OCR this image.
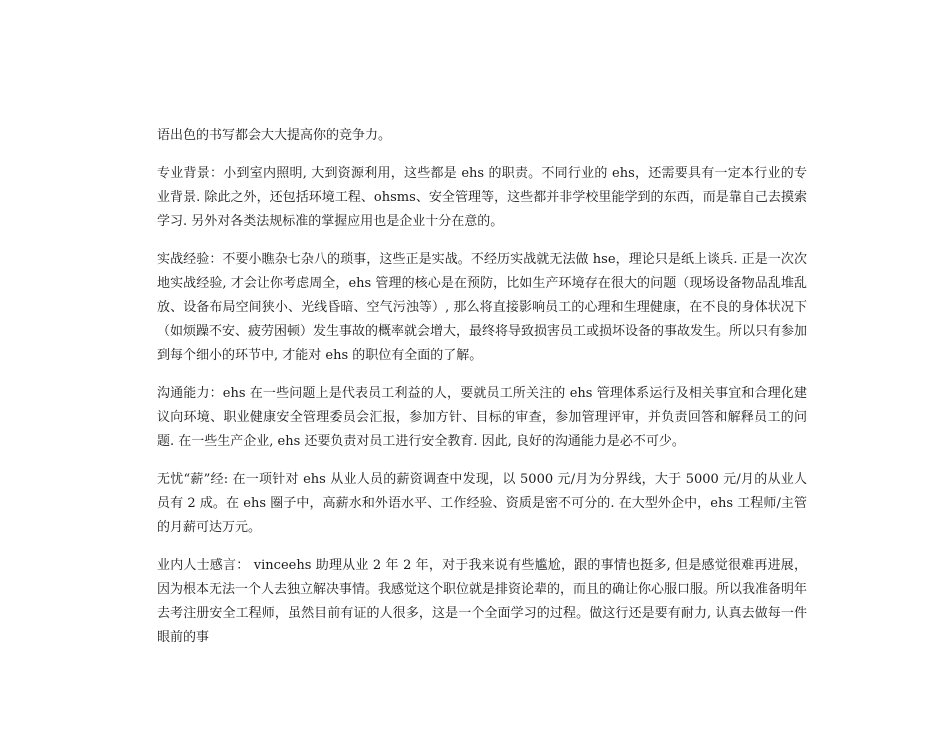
语出色的书写都会大大提高你的竞争力。

专业背景：小到室内照明, 大到资源利用，这些都是 ehs 的职责。不同行业的 ehs，还需要具有一定本行业的专业背景. 除此之外，还包括环境工程、ohsms、安全管理等，这些都并非学校里能学到的东西，而是靠自己去摸索学习. 另外对各类法规标准的掌握应用也是企业十分在意的。

实战经验：不要小瞧杂七杂八的琐事，这些正是实战。不经历实战就无法做 hse，理论只是纸上谈兵. 正是一次次地实战经验, 才会让你考虑周全，ehs 管理的核心是在预防，比如生产环境存在很大的问题（现场设备物品乱堆乱放、设备布局空间狭小、光线昏暗、空气污浊等）, 那么将直接影响员工的心理和生理健康，在不良的身体状况下（如烦躁不安、疲劳困顿）发生事故的概率就会增大，最终将导致损害员工或损坏设备的事故发生。所以只有参加到每个细小的环节中, 才能对 ehs 的职位有全面的了解。

沟通能力：ehs 在一些问题上是代表员工利益的人，要就员工所关注的 ehs 管理体系运行及相关事宜和合理化建议向环境、职业健康安全管理委员会汇报，参加方针、目标的审查，参加管理评审，并负责回答和解释员工的问题. 在一些生产企业, ehs 还要负责对员工进行安全教育. 因此, 良好的沟通能力是必不可少。

无忧“薪”经: 在一项针对 ehs 从业人员的薪资调查中发现，以 5000 元/月为分界线，大于 5000 元/月的从业人员有 2 成。在 ehs 圈子中，高薪水和外语水平、工作经验、资质是密不可分的. 在大型外企中，ehs 工程师/主管的月薪可达万元。

业内人士感言： vinceehs 助理从业 2 年 2 年，对于我来说有些尴尬，跟的事情也挺多, 但是感觉很难再进展，因为根本无法一个人去独立解决事情。我感觉这个职位就是排资论辈的，而且的确让你心服口服。所以我准备明年去考注册安全工程师，虽然目前有证的人很多，这是一个全面学习的过程。做这行还是要有耐力, 认真去做每一件眼前的事
